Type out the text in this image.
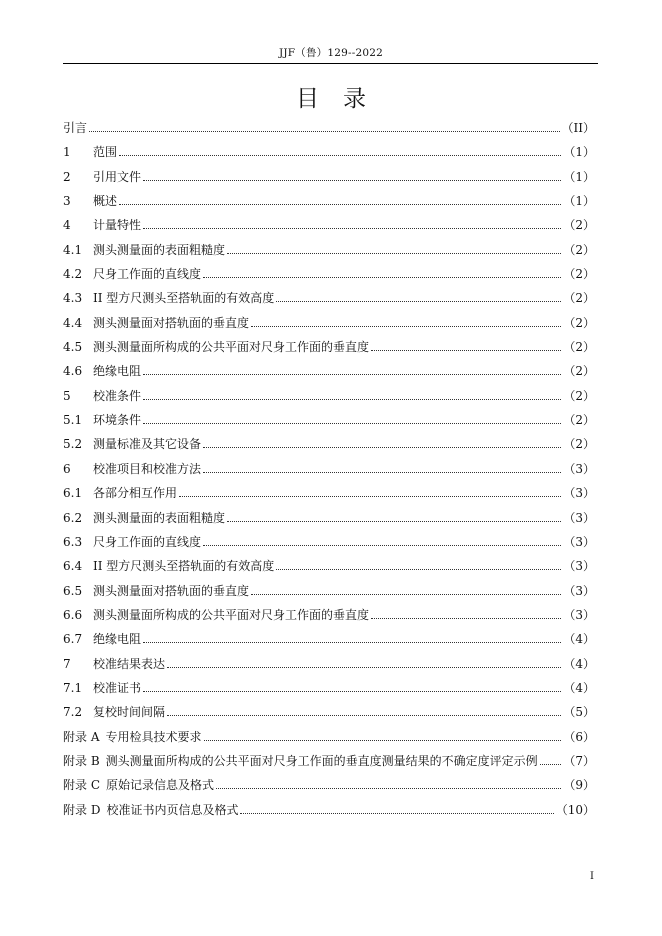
JJF（鲁）129--2022
目录
引言	（II）
1	范围	（1）
2	引用文件	（1）
3	概述	（1）
4	计量特性	（2）
4.1 测头测量面的表面粗糙度	（2）
4.2 尺身工作面的直线度	（2）
4.3 II 型方尺测头至搭轨面的有效高度	（2）
4.4 测头测量面对搭轨面的垂直度	（2）
4.5 测头测量面所构成的公共平面对尺身工作面的垂直度	（2）
4.6 绝缘电阻	（2）
5	校准条件	（2）
5.1 环境条件	（2）
5.2 测量标准及其它设备	（2）
6	校准项目和校准方法	（3）
6.1 各部分相互作用	（3）
6.2 测头测量面的表面粗糙度	（3）
6.3 尺身工作面的直线度	（3）
6.4 II 型方尺测头至搭轨面的有效高度	（3）
6.5 测头测量面对搭轨面的垂直度	（3）
6.6 测头测量面所构成的公共平面对尺身工作面的垂直度	（3）
6.7 绝缘电阻	（4）
7	校准结果表达	（4）
7.1 校准证书	（4）
7.2 复校时间间隔	（5）
附录 A 专用检具技术要求	（6）
附录 B 测头测量面所构成的公共平面对尺身工作面的垂直度测量结果的不确定度评定示例 （7）
附录 C 原始记录信息及格式	（9）
附录 D 校准证书内页信息及格式	（10）
I
